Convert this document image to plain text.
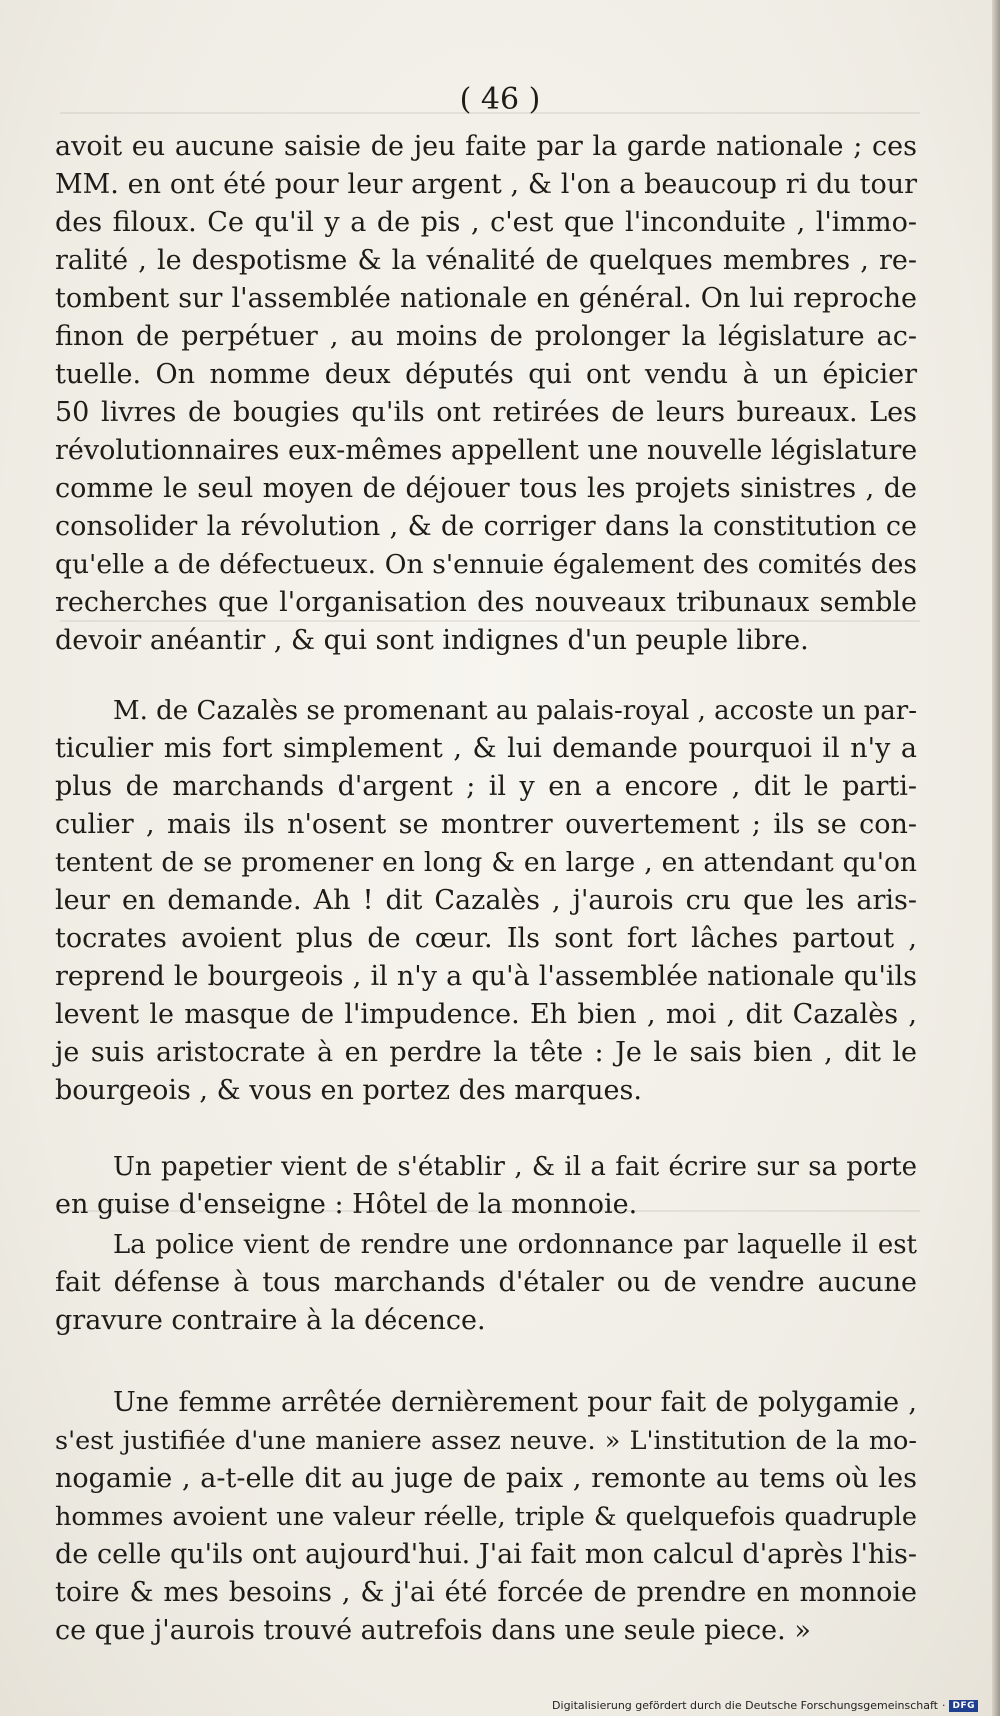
( 46 )
avoit eu aucune saisie de jeu faite par la garde nationale ; ces
MM. en ont été pour leur argent , & l'on a beaucoup ri du tour
des filoux. Ce qu'il y a de pis , c'est que l'inconduite , l'immo-
ralité , le despotisme & la vénalité de quelques membres , re-
tombent sur l'assemblée nationale en général. On lui reproche
finon de perpétuer , au moins de prolonger la législature ac-
tuelle. On nomme deux députés qui ont vendu à un épicier
50 livres de bougies qu'ils ont retirées de leurs bureaux. Les
révolutionnaires eux-mêmes appellent une nouvelle législature
comme le seul moyen de déjouer tous les projets sinistres , de
consolider la révolution , & de corriger dans la constitution ce
qu'elle a de défectueux. On s'ennuie également des comités des
recherches que l'organisation des nouveaux tribunaux semble
devoir anéantir , & qui sont indignes d'un peuple libre.
M. de Cazalès se promenant au palais-royal , accoste un par-
ticulier mis fort simplement , & lui demande pourquoi il n'y a
plus de marchands d'argent ; il y en a encore , dit le parti-
culier , mais ils n'osent se montrer ouvertement ; ils se con-
tentent de se promener en long & en large , en attendant qu'on
leur en demande. Ah ! dit Cazalès , j'aurois cru que les aris-
tocrates avoient plus de cœur. Ils sont fort lâches partout ,
reprend le bourgeois , il n'y a qu'à l'assemblée nationale qu'ils
levent le masque de l'impudence. Eh bien , moi , dit Cazalès ,
je suis aristocrate à en perdre la tête : Je le sais bien , dit le
bourgeois , & vous en portez des marques.
Un papetier vient de s'établir , & il a fait écrire sur sa porte
en guise d'enseigne : Hôtel de la monnoie.
La police vient de rendre une ordonnance par laquelle il est
fait défense à tous marchands d'étaler ou de vendre aucune
gravure contraire à la décence.
Une femme arrêtée dernièrement pour fait de polygamie ,
s'est justifiée d'une maniere assez neuve. » L'institution de la mo-
nogamie , a-t-elle dit au juge de paix , remonte au tems où les
hommes avoient une valeur réelle, triple & quelquefois quadruple
de celle qu'ils ont aujourd'hui. J'ai fait mon calcul d'après l'his-
toire & mes besoins , & j'ai été forcée de prendre en monnoie
ce que j'aurois trouvé autrefois dans une seule piece. »
Digitalisierung gefördert durch die Deutsche Forschungsgemeinschaft · DFG
